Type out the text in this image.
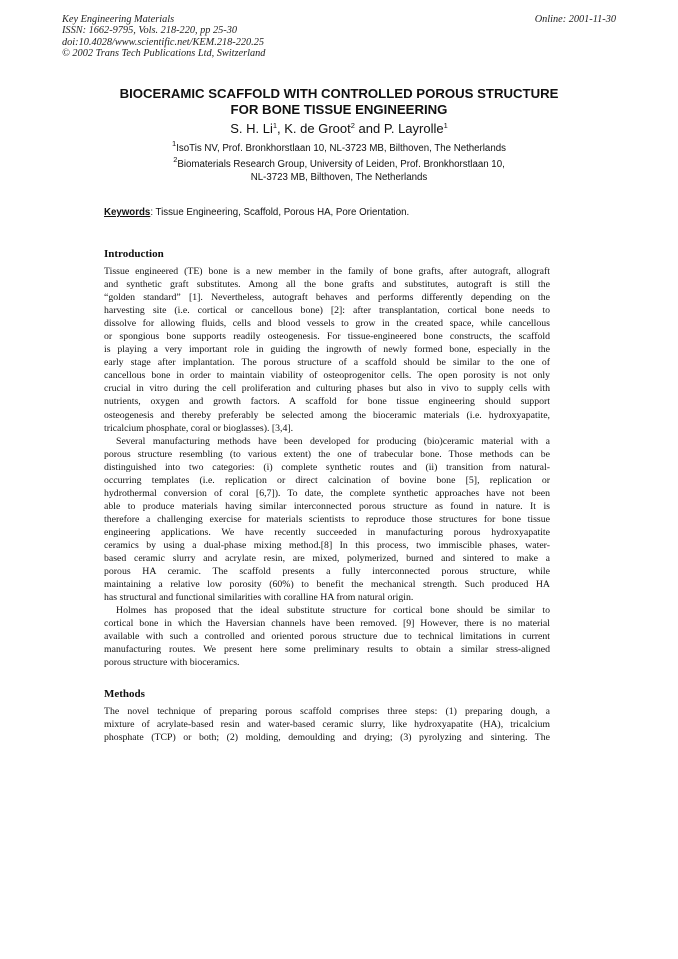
Key Engineering Materials
ISSN: 1662-9795, Vols. 218-220, pp 25-30
doi:10.4028/www.scientific.net/KEM.218-220.25
© 2002 Trans Tech Publications Ltd, Switzerland
Online: 2001-11-30
BIOCERAMIC SCAFFOLD WITH CONTROLLED POROUS STRUCTURE
FOR BONE TISSUE ENGINEERING
S. H. Li$^1$, K. de Groot$^2$ and P. Layrolle$^1$
$^1$IsoTis NV, Prof. Bronkhorstlaan 10, NL-3723 MB, Bilthoven, The Netherlands
$^2$Biomaterials Research Group, University of Leiden, Prof. Bronkhorstlaan 10,
NL-3723 MB, Bilthoven, The Netherlands
Keywords: Tissue Engineering, Scaffold, Porous HA, Pore Orientation.
Introduction
Tissue engineered (TE) bone is a new member in the family of bone grafts, after autograft, allograft
and synthetic graft substitutes. Among all the bone grafts and substitutes, autograft is still the
“golden standard” [1]. Nevertheless, autograft behaves and performs differently depending on the
harvesting site (i.e. cortical or cancellous bone) [2]: after transplantation, cortical bone needs to
dissolve for allowing fluids, cells and blood vessels to grow in the created space, while cancellous
or spongious bone supports readily osteogenesis. For tissue-engineered bone constructs, the scaffold
is playing a very important role in guiding the ingrowth of newly formed bone, especially in the
early stage after implantation. The porous structure of a scaffold should be similar to the one of
cancellous bone in order to maintain viability of osteoprogenitor cells. The open porosity is not only
crucial in vitro during the cell proliferation and culturing phases but also in vivo to supply cells with
nutrients, oxygen and growth factors. A scaffold for bone tissue engineering should support
osteogenesis and thereby preferably be selected among the bioceramic materials (i.e. hydroxyapatite,
tricalcium phosphate, coral or bioglasses). [3,4].
Several manufacturing methods have been developed for producing (bio)ceramic material with a
porous structure resembling (to various extent) the one of trabecular bone. Those methods can be
distinguished into two categories: (i) complete synthetic routes and (ii) transition from natural-
occurring templates (i.e. replication or direct calcination of bovine bone [5], replication or
hydrothermal conversion of coral [6,7]). To date, the complete synthetic approaches have not been
able to produce materials having similar interconnected porous structure as found in nature. It is
therefore a challenging exercise for materials scientists to reproduce those structures for bone tissue
engineering applications. We have recently succeeded in manufacturing porous hydroxyapatite
ceramics by using a dual-phase mixing method.[8] In this process, two immiscible phases, water-
based ceramic slurry and acrylate resin, are mixed, polymerized, burned and sintered to make a
porous HA ceramic. The scaffold presents a fully interconnected porous structure, while
maintaining a relative low porosity (60%) to benefit the mechanical strength. Such produced HA
has structural and functional similarities with coralline HA from natural origin.
Holmes has proposed that the ideal substitute structure for cortical bone should be similar to
cortical bone in which the Haversian channels have been removed. [9] However, there is no material
available with such a controlled and oriented porous structure due to technical limitations in current
manufacturing routes. We present here some preliminary results to obtain a similar stress-aligned
porous structure with bioceramics.
Methods
The novel technique of preparing porous scaffold comprises three steps: (1) preparing dough, a
mixture of acrylate-based resin and water-based ceramic slurry, like hydroxyapatite (HA), tricalcium
phosphate (TCP) or both; (2) molding, demoulding and drying; (3) pyrolyzing and sintering. The
